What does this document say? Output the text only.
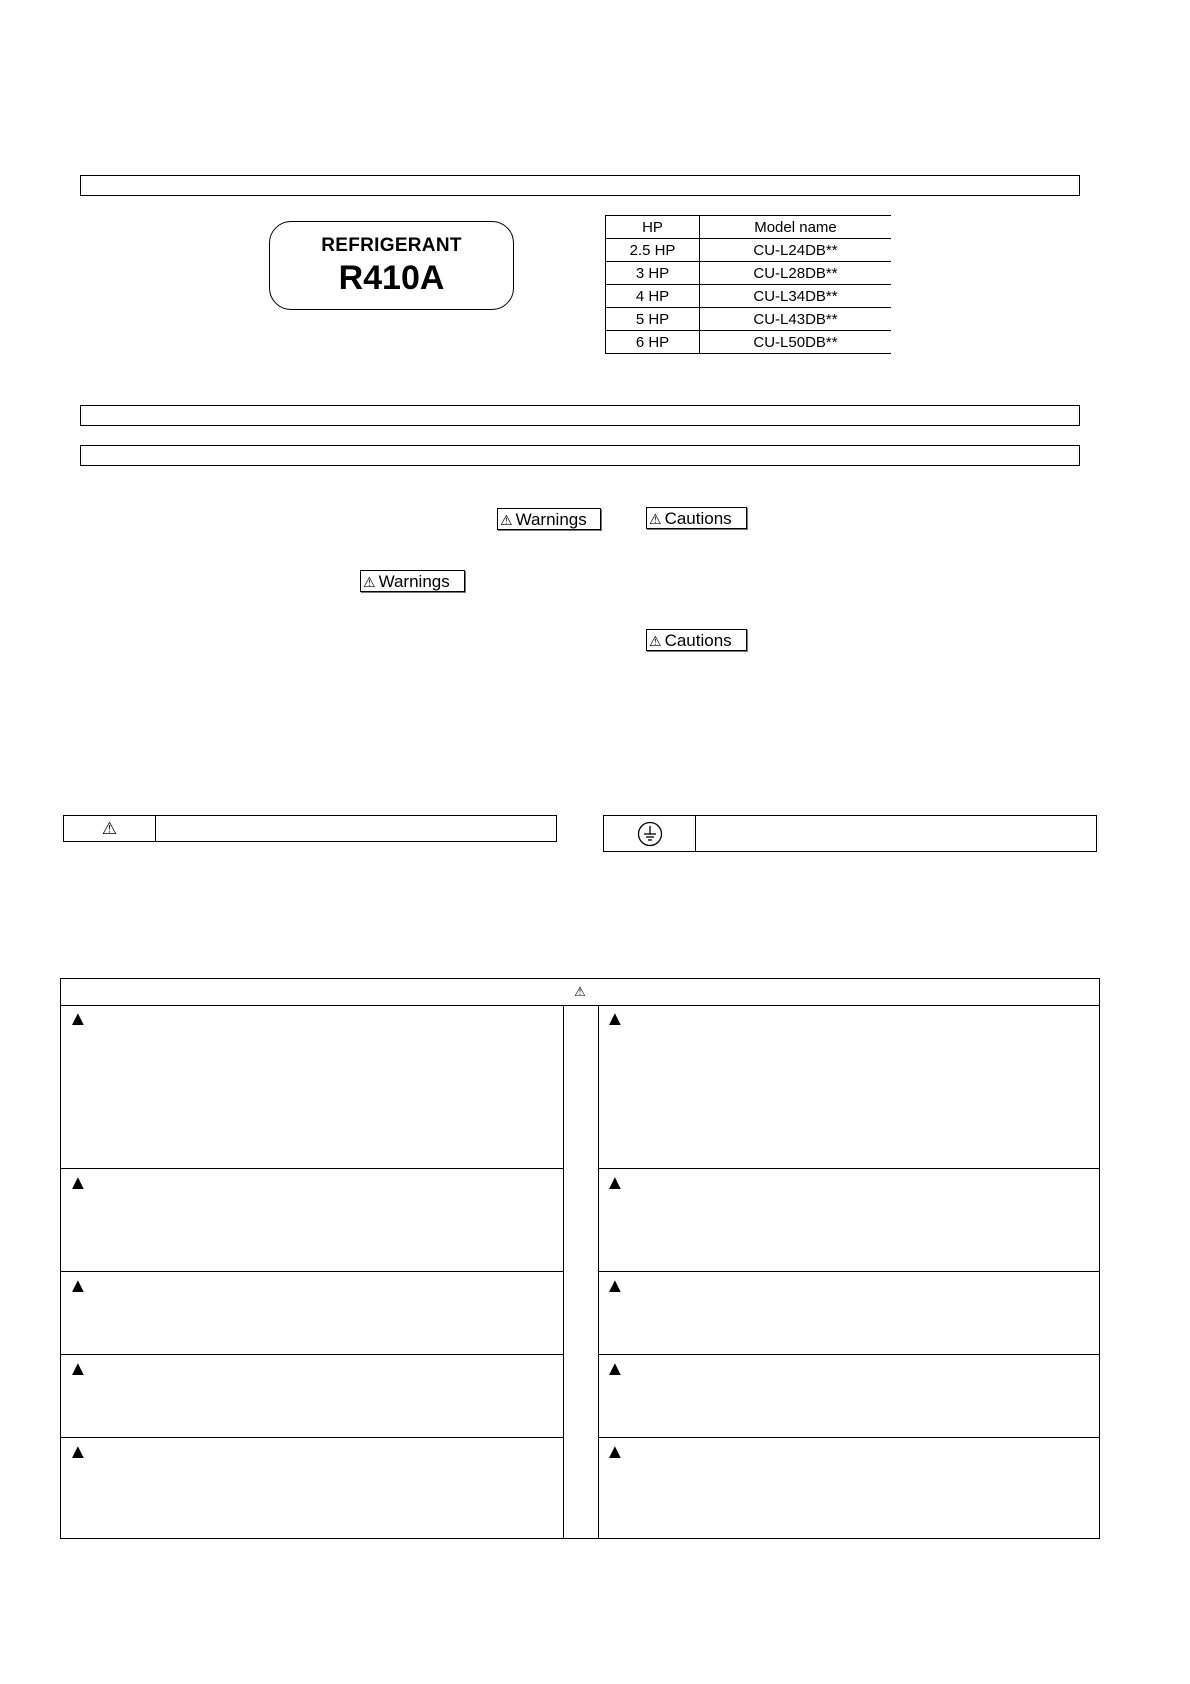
REFRIGERANT
R410A
HP	Model name
2.5 HP	CU-L24DB**
3 HP	CU-L28DB**
4 HP	CU-L34DB**
5 HP	CU-L43DB**
6 HP	CU-L50DB**
⚠ Warnings	⚠ Cautions
⚠ Warnings
⚠ Cautions
⚠
⚠
▲
▲
▲
▲
▲
▲
▲
▲
▲
▲
